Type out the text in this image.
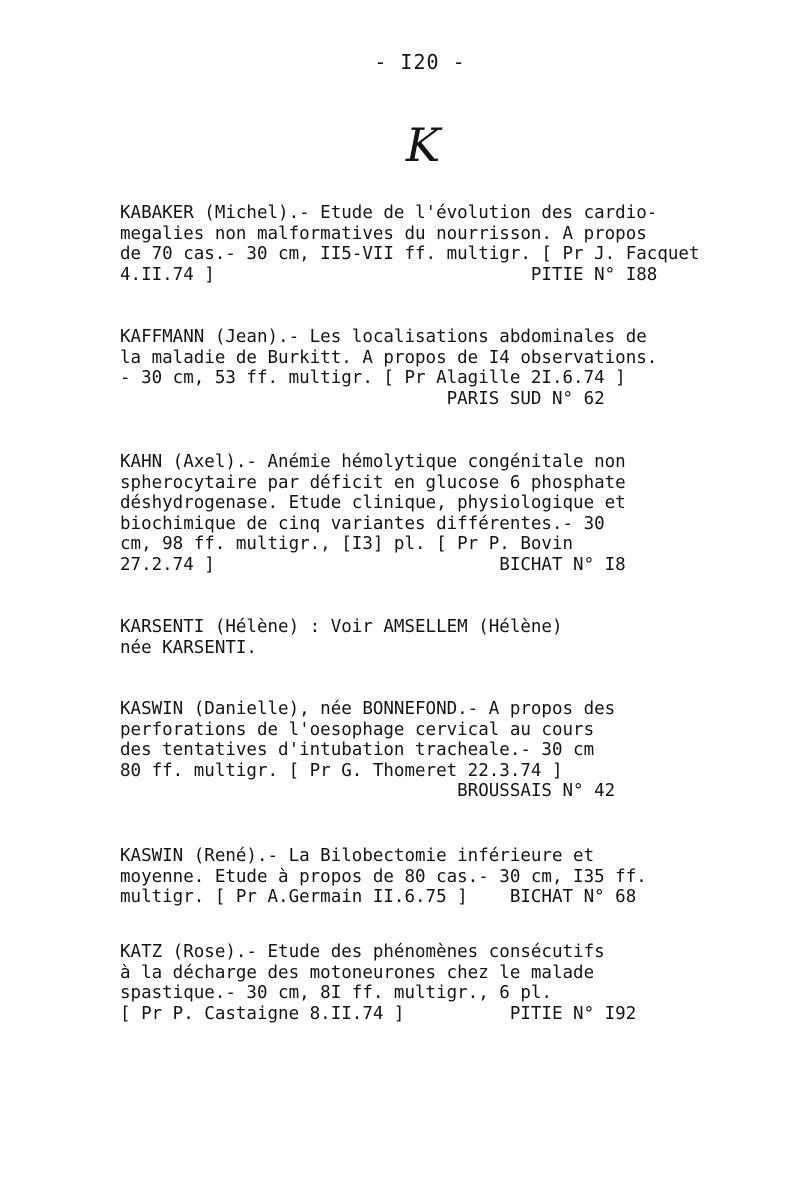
- I20 -
K
KABAKER (Michel).- Etude de l'évolution des cardio-
megalies non malformatives du nourrisson. A propos
de 70 cas.- 30 cm, II5-VII ff. multigr. [ Pr J. Facquet
4.II.74 ]                              PITIE N° I88
KAFFMANN (Jean).- Les localisations abdominales de
la maladie de Burkitt. A propos de I4 observations.
- 30 cm, 53 ff. multigr. [ Pr Alagille 2I.6.74 ]
PARIS SUD N° 62
KAHN (Axel).- Anémie hémolytique congénitale non
spherocytaire par déficit en glucose 6 phosphate
déshydrogenase. Etude clinique, physiologique et
biochimique de cinq variantes différentes.- 30
cm, 98 ff. multigr., [I3] pl. [ Pr P. Bovin
27.2.74 ]                           BICHAT N° I8
KARSENTI (Hélène) : Voir AMSELLEM (Hélène)
née KARSENTI.
KASWIN (Danielle), née BONNEFOND.- A propos des
perforations de l'oesophage cervical au cours
des tentatives d'intubation tracheale.- 30 cm
80 ff. multigr. [ Pr G. Thomeret 22.3.74 ]
BROUSSAIS N° 42
KASWIN (René).- La Bilobectomie inférieure et
moyenne. Etude à propos de 80 cas.- 30 cm, I35 ff.
multigr. [ Pr A.Germain II.6.75 ]    BICHAT N° 68
KATZ (Rose).- Etude des phénomènes consécutifs
à la décharge des motoneurones chez le malade
spastique.- 30 cm, 8I ff. multigr., 6 pl.
[ Pr P. Castaigne 8.II.74 ]          PITIE N° I92
